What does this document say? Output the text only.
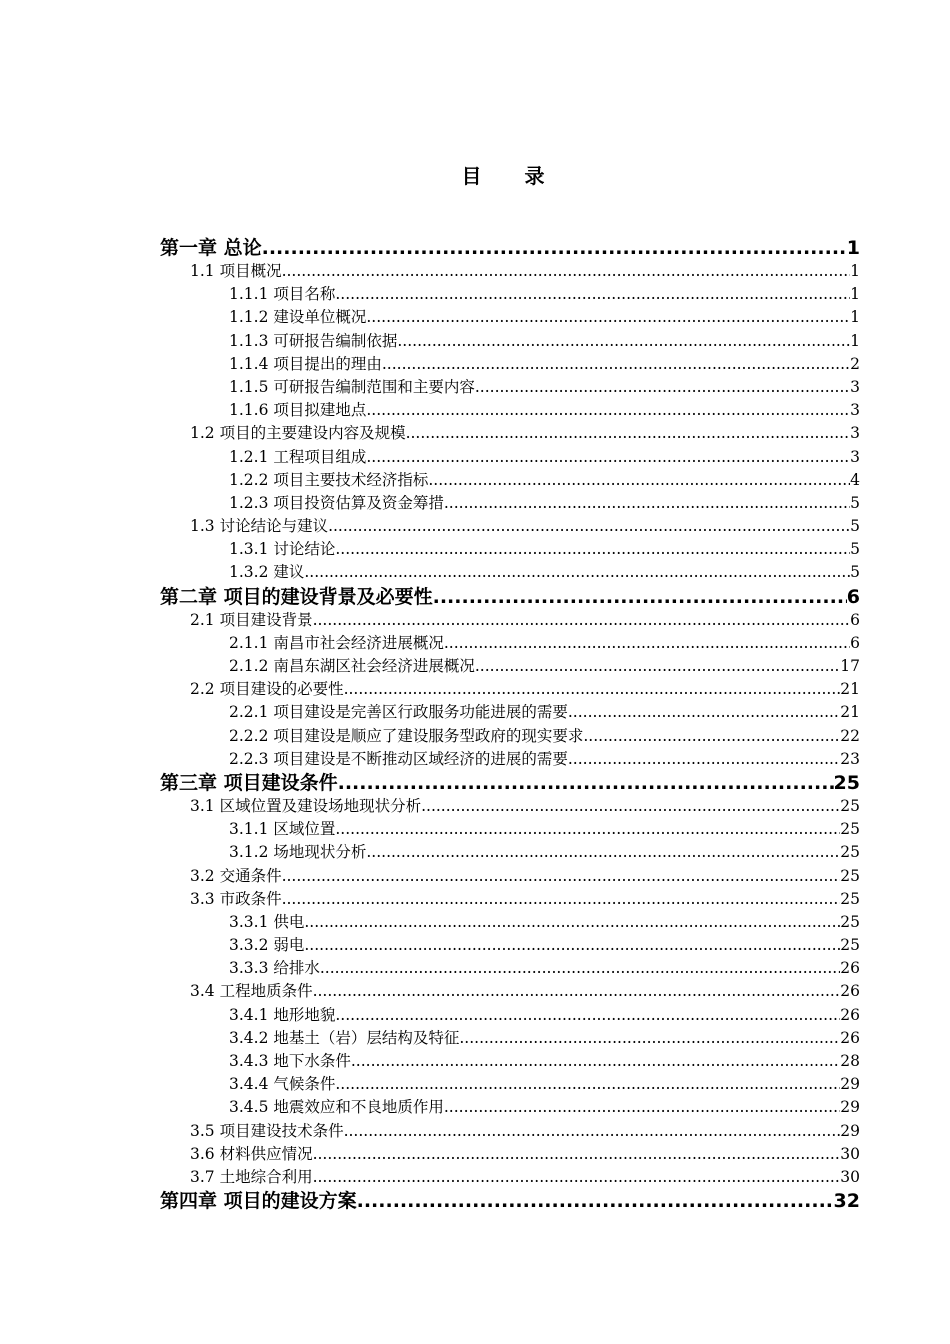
目 录
第一章 总论 .....	1
1.1 项目概况 .....	1
1.1.1 项目名称 .....	1
1.1.2 建设单位概况 .....	1
1.1.3 可研报告编制依据 .....	1
1.1.4 项目提出的理由 .....	2
1.1.5 可研报告编制范围和主要内容 .....	3
1.1.6 项目拟建地点 .....	3
1.2 项目的主要建设内容及规模 .....	3
1.2.1 工程项目组成 .....	3
1.2.2 项目主要技术经济指标 .....	4
1.2.3 项目投资估算及资金筹措 .....	5
1.3 讨论结论与建议 .....	5
1.3.1 讨论结论 .....	5
1.3.2 建议 .....	5
第二章 项目的建设背景及必要性 .....	6
2.1 项目建设背景 .....	6
2.1.1 南昌市社会经济进展概况 .....	6
2.1.2 南昌东湖区社会经济进展概况 .....	17
2.2 项目建设的必要性 .....	21
2.2.1 项目建设是完善区行政服务功能进展的需要 .....	21
2.2.2 项目建设是顺应了建设服务型政府的现实要求 .....	22
2.2.3 项目建设是不断推动区域经济的进展的需要 .....	23
第三章 项目建设条件 .....	25
3.1 区域位置及建设场地现状分析 .....	25
3.1.1 区域位置 .....	25
3.1.2 场地现状分析 .....	25
3.2 交通条件 .....	25
3.3 市政条件 .....	25
3.3.1 供电 .....	25
3.3.2 弱电 .....	25
3.3.3 给排水 .....	26
3.4 工程地质条件 .....	26
3.4.1 地形地貌 .....	26
3.4.2 地基土（岩）层结构及特征 .....	26
3.4.3 地下水条件 .....	28
3.4.4 气候条件 .....	29
3.4.5 地震效应和不良地质作用 .....	29
3.5 项目建设技术条件 .....	29
3.6 材料供应情况 .....	30
3.7 土地综合利用 .....	30
第四章 项目的建设方案 .....	32
